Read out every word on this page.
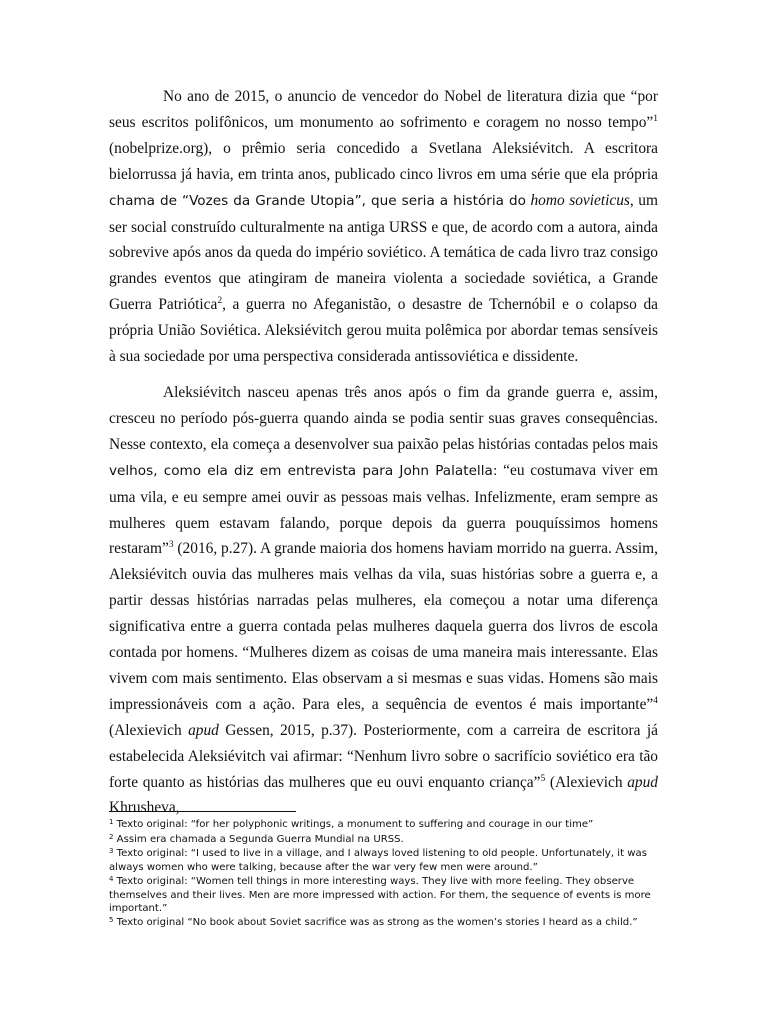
No ano de 2015, o anuncio de vencedor do Nobel de literatura dizia que “por seus escritos polifônicos, um monumento ao sofrimento e coragem no nosso tempo”$^1$ (nobelprize.org), o prêmio seria concedido a Svetlana Aleksiévitch. A escritora bielorrussa já havia, em trinta anos, publicado cinco livros em uma série que ela própria chama de “Vozes da Grande Utopia”, que seria a história do homo sovieticus, um ser social construído culturalmente na antiga URSS e que, de acordo com a autora, ainda sobrevive após anos da queda do império soviético. A temática de cada livro traz consigo grandes eventos que atingiram de maneira violenta a sociedade soviética, a Grande Guerra Patriótica$^2$, a guerra no Afeganistão, o desastre de Tchernóbil e o colapso da própria União Soviética. Aleksiévitch gerou muita polêmica por abordar temas sensíveis à sua sociedade por uma perspectiva considerada antissoviética e dissidente.

Aleksiévitch nasceu apenas três anos após o fim da grande guerra e, assim, cresceu no período pós-guerra quando ainda se podia sentir suas graves consequências. Nesse contexto, ela começa a desenvolver sua paixão pelas histórias contadas pelos mais velhos, como ela diz em entrevista para John Palatella: “eu costumava viver em uma vila, e eu sempre amei ouvir as pessoas mais velhas. Infelizmente, eram sempre as mulheres quem estavam falando, porque depois da guerra pouquíssimos homens restaram”$^3$ (2016, p.27). A grande maioria dos homens haviam morrido na guerra. Assim, Aleksiévitch ouvia das mulheres mais velhas da vila, suas histórias sobre a guerra e, a partir dessas histórias narradas pelas mulheres, ela começou a notar uma diferença significativa entre a guerra contada pelas mulheres daquela guerra dos livros de escola contada por homens. “Mulheres dizem as coisas de uma maneira mais interessante. Elas vivem com mais sentimento. Elas observam a si mesmas e suas vidas. Homens são mais impressionáveis com a ação. Para eles, a sequência de eventos é mais importante”$^4$ (Alexievich apud Gessen, 2015, p.37). Posteriormente, com a carreira de escritora já estabelecida Aleksiévitch vai afirmar: “Nenhum livro sobre o sacrifício soviético era tão forte quanto as histórias das mulheres que eu ouvi enquanto criança”$^5$ (Alexievich apud Khrusheva,

$^1$ Texto original: “for her polyphonic writings, a monument to suffering and courage in our time”
$^2$ Assim era chamada a Segunda Guerra Mundial na URSS.
$^3$ Texto original: “I used to live in a village, and I always loved listening to old people. Unfortunately, it was always women who were talking, because after the war very few men were around.”
$^4$ Texto original: “Women tell things in more interesting ways. They live with more feeling. They observe themselves and their lives. Men are more impressed with action. For them, the sequence of events is more important.”
$^5$ Texto original “No book about Soviet sacrifice was as strong as the women’s stories I heard as a child.”
